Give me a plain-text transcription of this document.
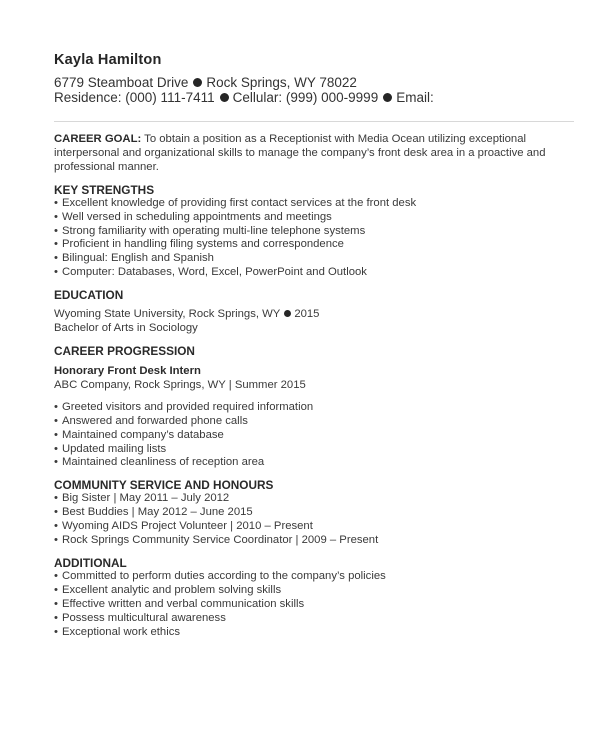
Kayla Hamilton
6779 Steamboat Drive Rock Springs, WY 78022
Residence: (000) 111-7411 Cellular: (999) 000-9999 Email:
CAREER GOAL: To obtain a position as a Receptionist with Media Ocean utilizing exceptional interpersonal and organizational skills to manage the company’s front desk area in a proactive and professional manner.
KEY STRENGTHS
• Excellent knowledge of providing first contact services at the front desk
• Well versed in scheduling appointments and meetings
• Strong familiarity with operating multi-line telephone systems
• Proficient in handling filing systems and correspondence
• Bilingual: English and Spanish
• Computer: Databases, Word, Excel, PowerPoint and Outlook
EDUCATION
Wyoming State University, Rock Springs, WY 2015
Bachelor of Arts in Sociology
CAREER PROGRESSION
Honorary Front Desk Intern
ABC Company, Rock Springs, WY | Summer 2015
• Greeted visitors and provided required information
• Answered and forwarded phone calls
• Maintained company’s database
• Updated mailing lists
• Maintained cleanliness of reception area
COMMUNITY SERVICE AND HONOURS
• Big Sister | May 2011 – July 2012
• Best Buddies | May 2012 – June 2015
• Wyoming AIDS Project Volunteer | 2010 – Present
• Rock Springs Community Service Coordinator | 2009 – Present
ADDITIONAL
• Committed to perform duties according to the company’s policies
• Excellent analytic and problem solving skills
• Effective written and verbal communication skills
• Possess multicultural awareness
• Exceptional work ethics
